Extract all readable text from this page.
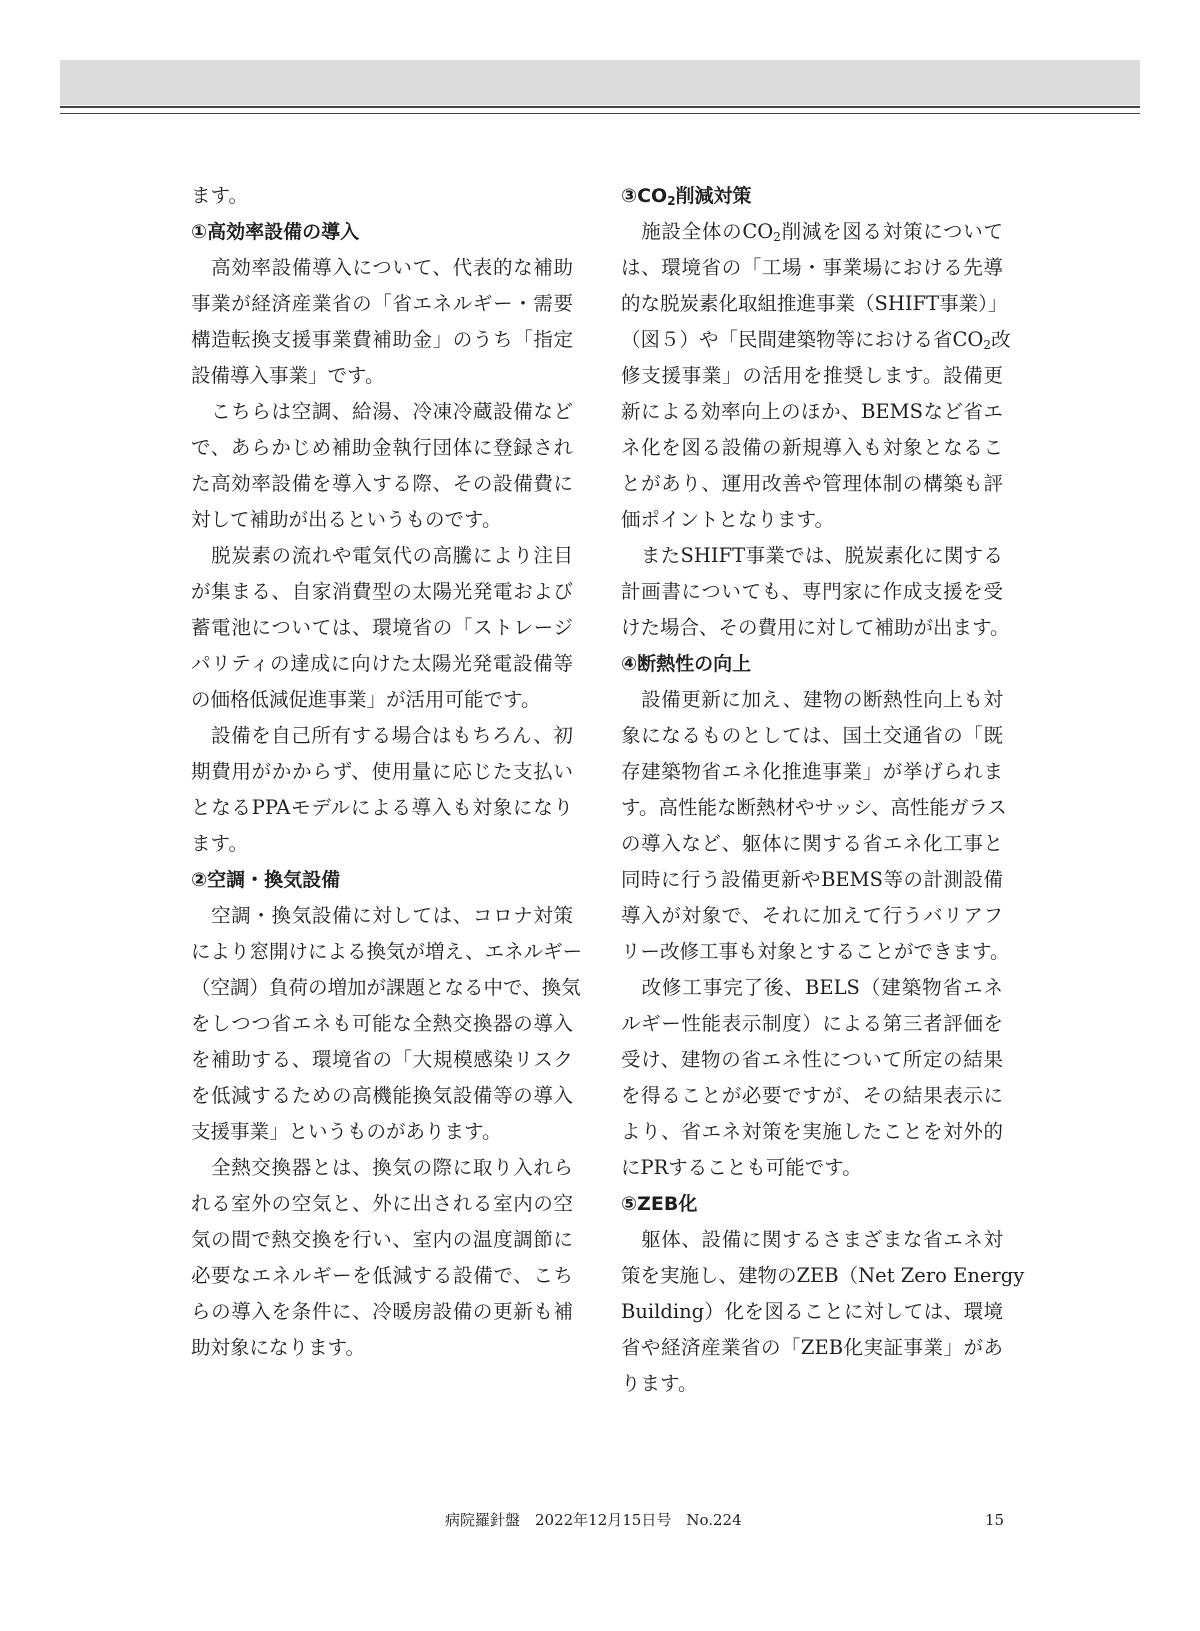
ます。
①高効率設備の導入
　高効率設備導入について、代表的な補助
事業が経済産業省の「省エネルギー・需要
構造転換支援事業費補助金」のうち「指定
設備導入事業」です。
　こちらは空調、給湯、冷凍冷蔵設備など
で、あらかじめ補助金執行団体に登録され
た高効率設備を導入する際、その設備費に
対して補助が出るというものです。
　脱炭素の流れや電気代の高騰により注目
が集まる、自家消費型の太陽光発電および
蓄電池については、環境省の「ストレージ
パリティの達成に向けた太陽光発電設備等
の価格低減促進事業」が活用可能です。
　設備を自己所有する場合はもちろん、初
期費用がかからず、使用量に応じた支払い
となるPPAモデルによる導入も対象になり
ます。
②空調・換気設備
　空調・換気設備に対しては、コロナ対策
により窓開けによる換気が増え、エネルギー
（空調）負荷の増加が課題となる中で、換気
をしつつ省エネも可能な全熱交換器の導入
を補助する、環境省の「大規模感染リスク
を低減するための高機能換気設備等の導入
支援事業」というものがあります。
　全熱交換器とは、換気の際に取り入れら
れる室外の空気と、外に出される室内の空
気の間で熱交換を行い、室内の温度調節に
必要なエネルギーを低減する設備で、こち
らの導入を条件に、冷暖房設備の更新も補
助対象になります。
$③CO_2$削減対策
　施設全体の$CO_2$削減を図る対策について
は、環境省の「工場・事業場における先導
的な脱炭素化取組推進事業（SHIFT事業）」
（図５）や「民間建築物等における省$CO_2$改
修支援事業」の活用を推奨します。設備更
新による効率向上のほか、BEMSなど省エ
ネ化を図る設備の新規導入も対象となるこ
とがあり、運用改善や管理体制の構築も評
価ポイントとなります。
　またSHIFT事業では、脱炭素化に関する
計画書についても、専門家に作成支援を受
けた場合、その費用に対して補助が出ます。
④断熱性の向上
　設備更新に加え、建物の断熱性向上も対
象になるものとしては、国土交通省の「既
存建築物省エネ化推進事業」が挙げられま
す。高性能な断熱材やサッシ、高性能ガラス
の導入など、躯体に関する省エネ化工事と
同時に行う設備更新やBEMS等の計測設備
導入が対象で、それに加えて行うバリアフ
リー改修工事も対象とすることができます。
　改修工事完了後、BELS（建築物省エネ
ルギー性能表示制度）による第三者評価を
受け、建物の省エネ性について所定の結果
を得ることが必要ですが、その結果表示に
より、省エネ対策を実施したことを対外的
にPRすることも可能です。
⑤ZEB化
　躯体、設備に関するさまざまな省エネ対
策を実施し、建物のZEB（Net Zero Energy
Building）化を図ることに対しては、環境
省や経済産業省の「ZEB化実証事業」があ
ります。
病院羅針盤　2022年12月15日号　No.224	15
